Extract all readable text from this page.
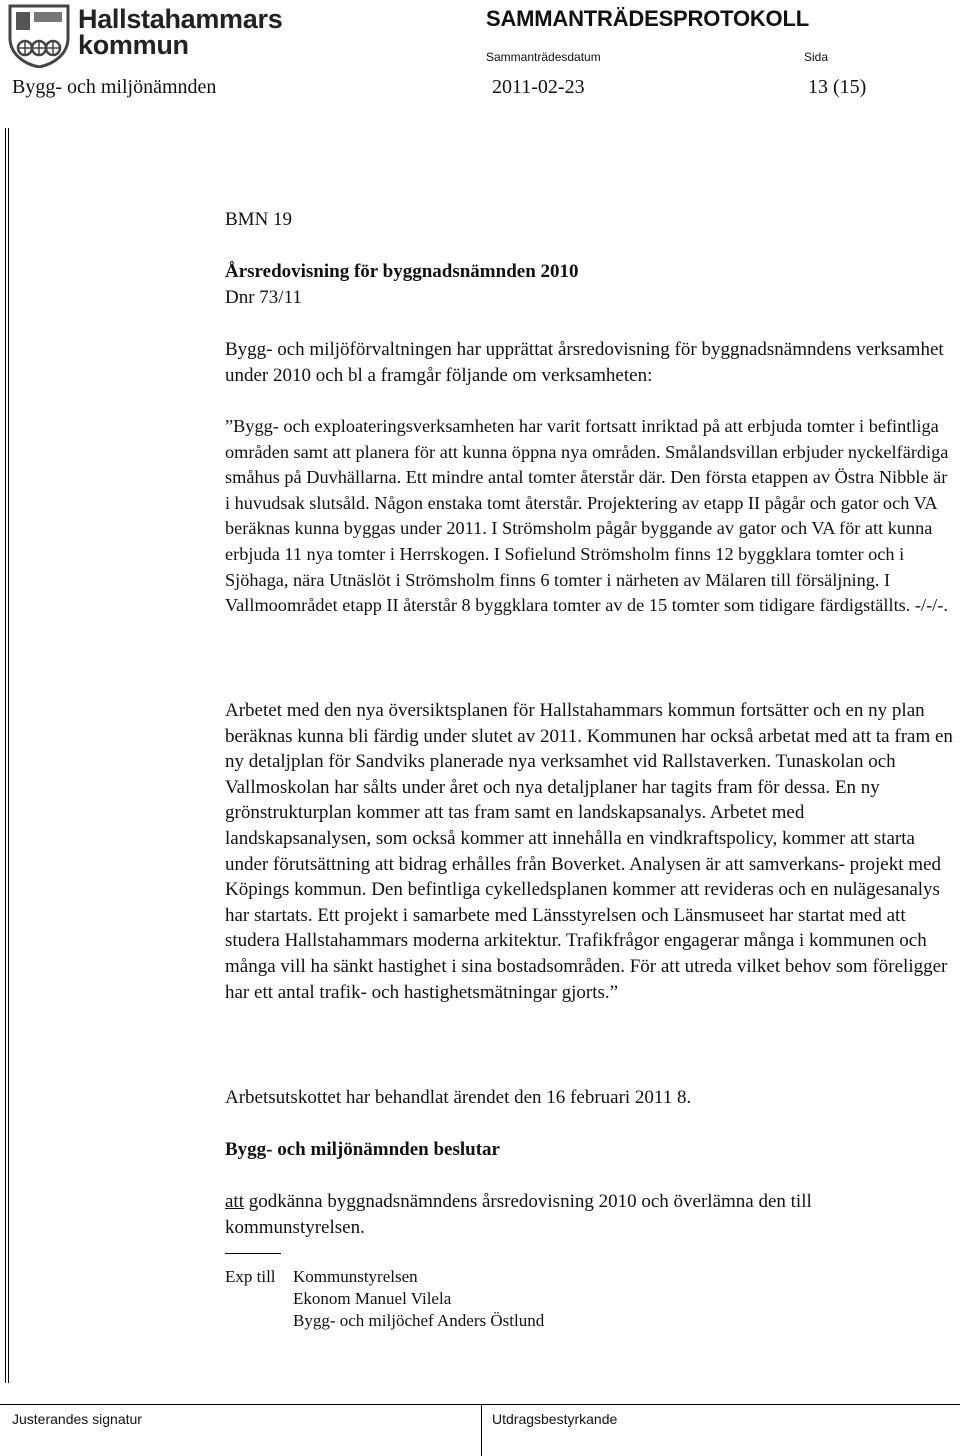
Hallstahammars
kommun
SAMMANTRÄDESPROTOKOLL
Sammanträdesdatum	Sida
Bygg- och miljönämnden	2011-02-23	13 (15)
BMN 19
Årsredovisning för byggnadsnämnden 2010
Dnr 73/11

Bygg- och miljöförvaltningen har upprättat årsredovisning för byggnadsnämndens verksamhet under 2010 och bl a framgår följande om verksamheten:

”Bygg- och exploateringsverksamheten har varit fortsatt inriktad på att erbjuda tomter i befintliga områden samt att planera för att kunna öppna nya områden. Smålandsvillan erbjuder nyckelfärdiga småhus på Duvhällarna. Ett mindre antal tomter återstår där. Den första etappen av Östra Nibble är i huvudsak slutsåld. Någon enstaka tomt återstår. Projektering av etapp II pågår och gator och VA beräknas kunna byggas under 2011. I Strömsholm pågår byggande av gator och VA för att kunna erbjuda 11 nya tomter i Herrskogen. I Sofielund Strömsholm finns 12 byggklara tomter och i Sjöhaga, nära Utnäslöt i Strömsholm finns 6 tomter i närheten av Mälaren till försäljning. I Vallmoområdet etapp II återstår 8 byggklara tomter av de 15 tomter som tidigare färdigställts. -/-/-.

Arbetet med den nya översiktsplanen för Hallstahammars kommun fortsätter och en ny plan beräknas kunna bli färdig under slutet av 2011. Kommunen har också arbetat med att ta fram en ny detaljplan för Sandviks planerade nya verksamhet vid Rallstaverken. Tunaskolan och Vallmoskolan har sålts under året och nya detaljplaner har tagits fram för dessa. En ny grönstrukturplan kommer att tas fram samt en landskapsanalys. Arbetet med landskapsanalysen, som också kommer att innehålla en vindkraftspolicy, kommer att starta under förutsättning att bidrag erhålles från Boverket. Analysen är att samverkans- projekt med Köpings kommun. Den befintliga cykelledsplanen kommer att revideras och en nulägesanalys har startats. Ett projekt i samarbete med Länsstyrelsen och Länsmuseet har startat med att studera Hallstahammars moderna arkitektur. Trafikfrågor engagerar många i kommunen och många vill ha sänkt hastighet i sina bostadsområden. För att utreda vilket behov som föreligger har ett antal trafik- och hastighetsmätningar gjorts.”

Arbetsutskottet har behandlat ärendet den 16 februari 2011 8.
Bygg- och miljönämnden beslutar

att godkänna byggnadsnämndens årsredovisning 2010 och överlämna den till kommunstyrelsen.

Exp till	Kommunstyrelsen
Ekonom Manuel Vilela
Bygg- och miljöchef Anders Östlund
Justerandes signatur	Utdragsbestyrkande
